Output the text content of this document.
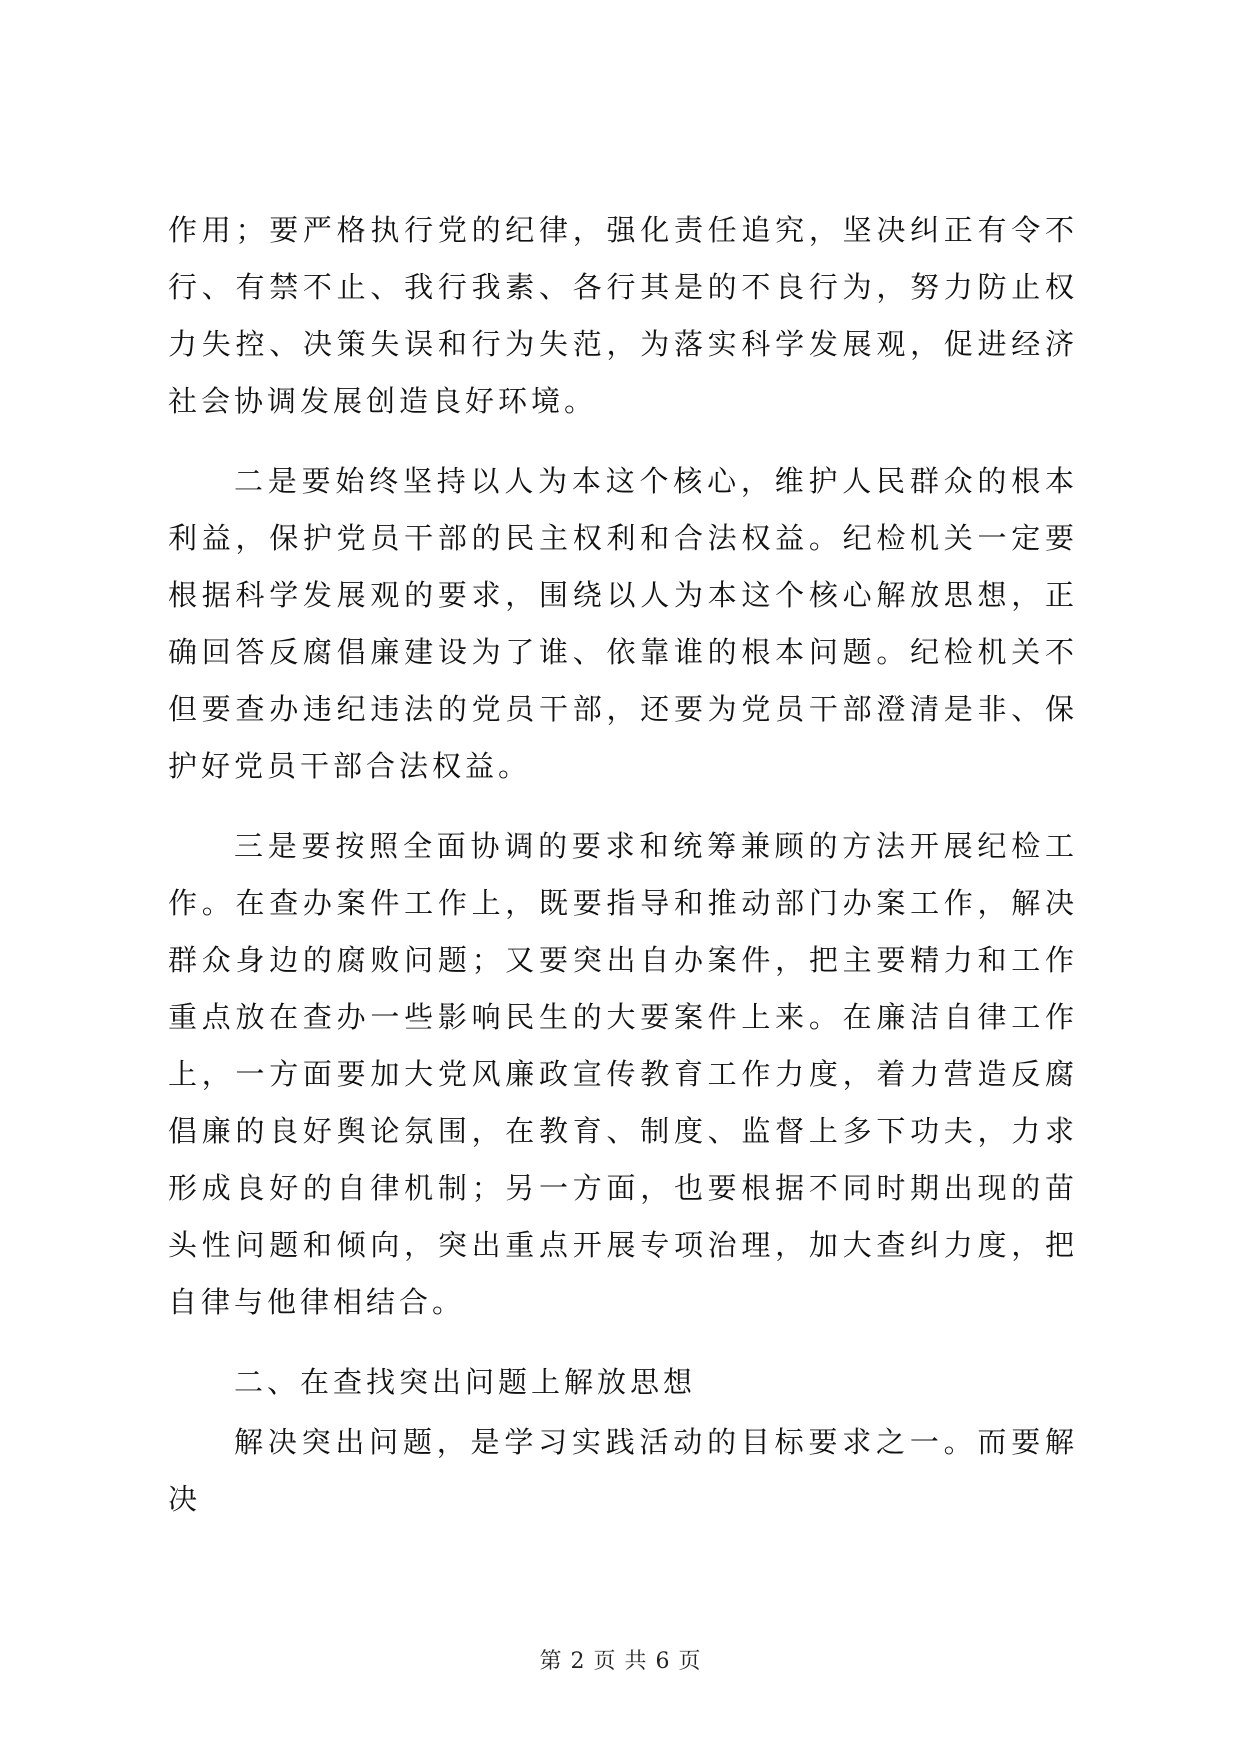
作用；要严格执行党的纪律，强化责任追究，坚决纠正有令不行、有禁不止、我行我素、各行其是的不良行为，努力防止权力失控、决策失误和行为失范，为落实科学发展观，促进经济社会协调发展创造良好环境。

二是要始终坚持以人为本这个核心，维护人民群众的根本利益，保护党员干部的民主权利和合法权益。纪检机关一定要根据科学发展观的要求，围绕以人为本这个核心解放思想，正确回答反腐倡廉建设为了谁、依靠谁的根本问题。纪检机关不但要查办违纪违法的党员干部，还要为党员干部澄清是非、保护好党员干部合法权益。

三是要按照全面协调的要求和统筹兼顾的方法开展纪检工作。在查办案件工作上，既要指导和推动部门办案工作，解决群众身边的腐败问题；又要突出自办案件，把主要精力和工作重点放在查办一些影响民生的大要案件上来。在廉洁自律工作上，一方面要加大党风廉政宣传教育工作力度，着力营造反腐倡廉的良好舆论氛围，在教育、制度、监督上多下功夫，力求形成良好的自律机制；另一方面，也要根据不同时期出现的苗头性问题和倾向，突出重点开展专项治理，加大查纠力度，把自律与他律相结合。

二、在查找突出问题上解放思想

解决突出问题，是学习实践活动的目标要求之一。而要解决

第 2 页 共 6 页
